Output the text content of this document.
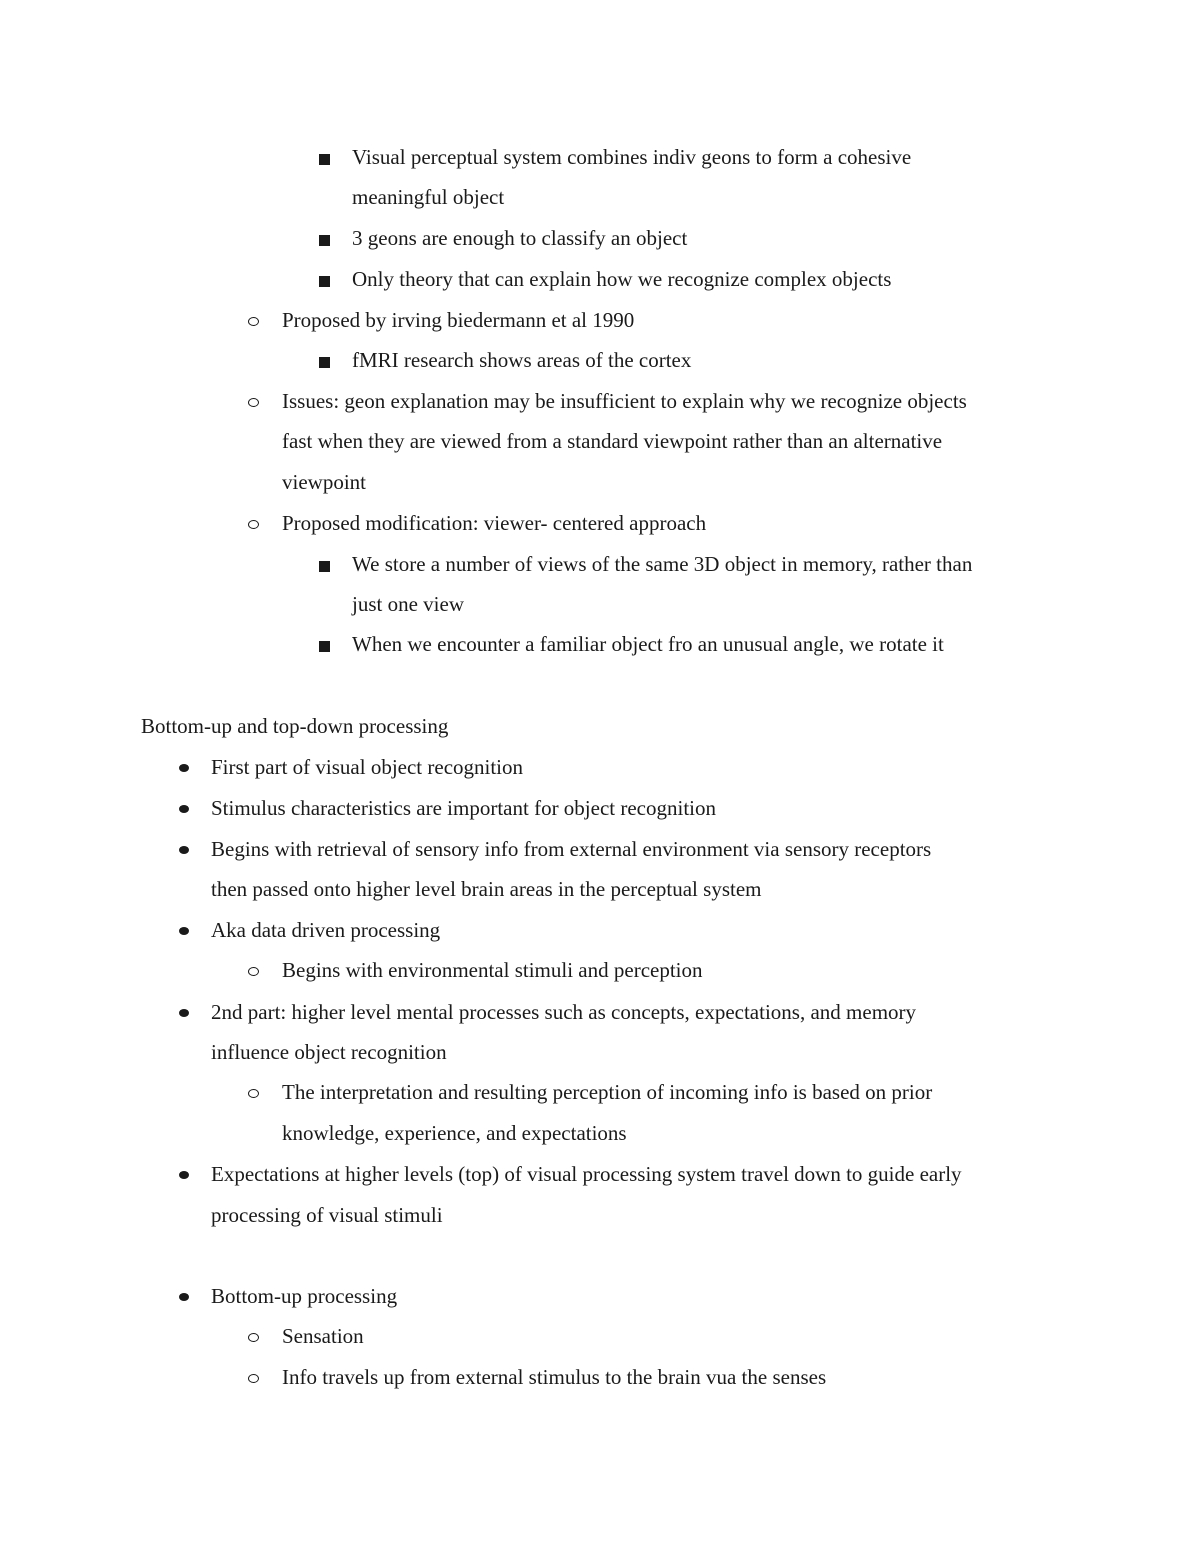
Visual perceptual system combines indiv geons to form a cohesive
meaningful object
3 geons are enough to classify an object
Only theory that can explain how we recognize complex objects
Proposed by irving biedermann et al 1990
fMRI research shows areas of the cortex
Issues: geon explanation may be insufficient to explain why we recognize objects
fast when they are viewed from a standard viewpoint rather than an alternative
viewpoint
Proposed modification: viewer- centered approach
We store a number of views of the same 3D object in memory, rather than
just one view
When we encounter a familiar object fro an unusual angle, we rotate it
Bottom-up and top-down processing
First part of visual object recognition
Stimulus characteristics are important for object recognition
Begins with retrieval of sensory info from external environment via sensory receptors
then passed onto higher level brain areas in the perceptual system
Aka data driven processing
Begins with environmental stimuli and perception
2nd part: higher level mental processes such as concepts, expectations, and memory
influence object recognition
The interpretation and resulting perception of incoming info is based on prior
knowledge, experience, and expectations
Expectations at higher levels (top) of visual processing system travel down to guide early
processing of visual stimuli
Bottom-up processing
Sensation
Info travels up from external stimulus to the brain vua the senses
